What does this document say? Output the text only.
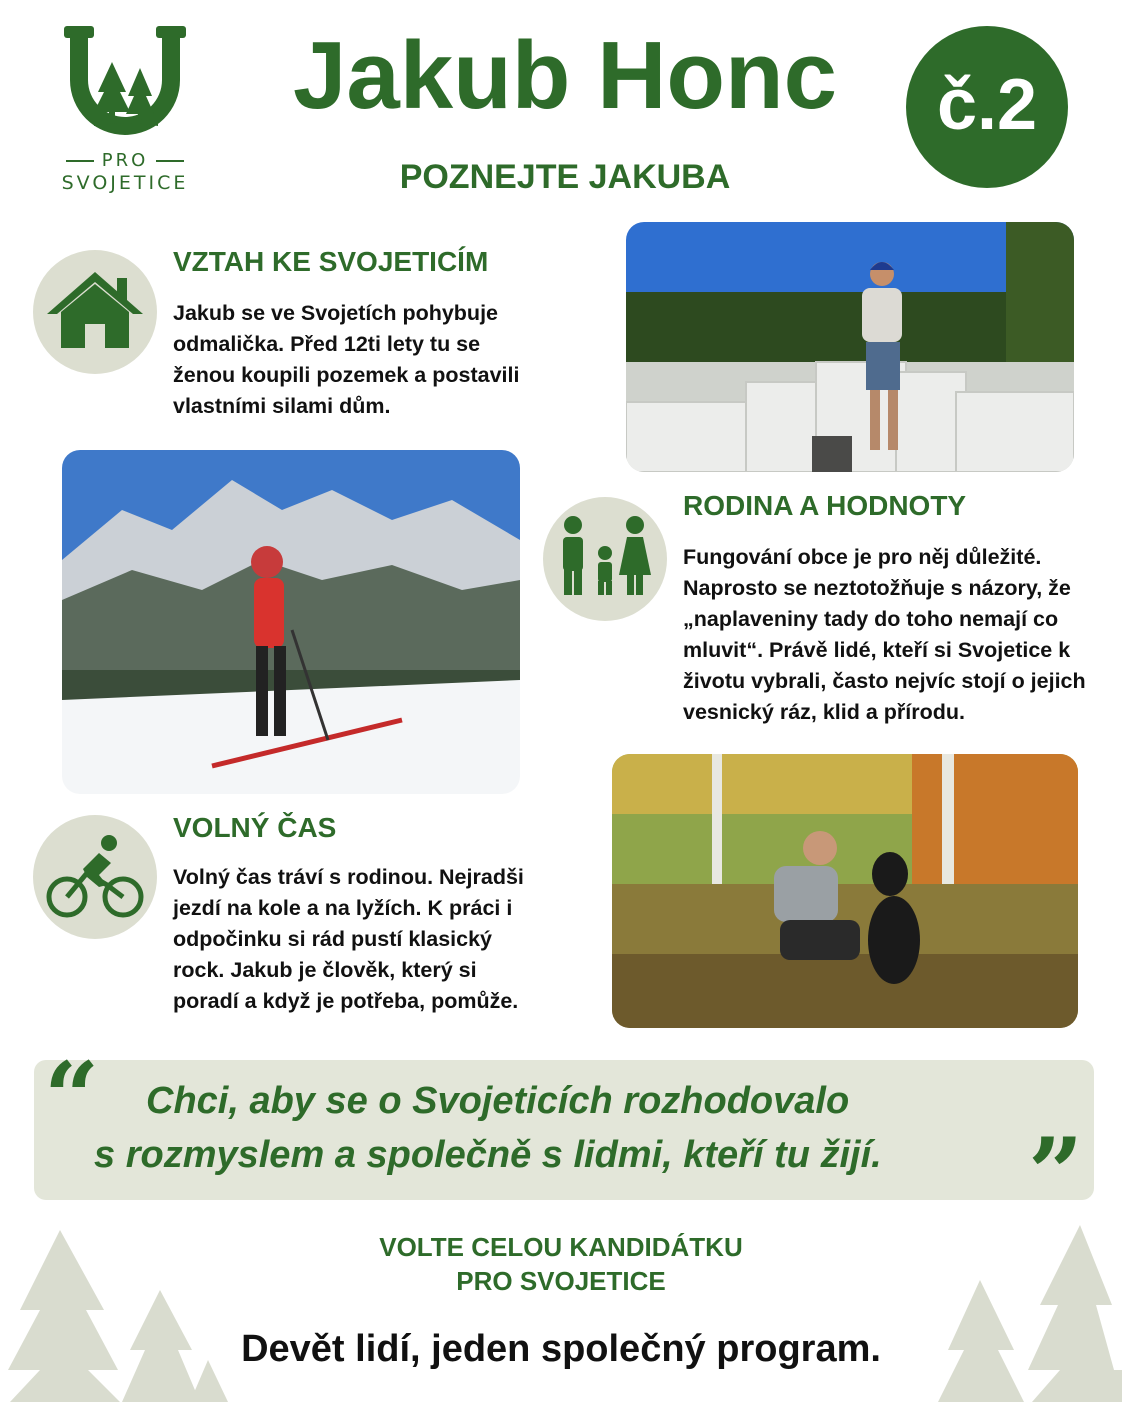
PRO
SVOJETICE
Jakub Honc
POZNEJTE JAKUBA
č.2
VZTAH KE SVOJETICÍM
Jakub se ve Svojetích pohybuje
odmalička. Před 12ti lety tu se
ženou koupili pozemek a postavili
vlastními silami dům.
RODINA A HODNOTY
Fungování obce je pro něj důležité.
Naprosto se neztotožňuje s názory, že
„naplaveniny tady do toho nemají co
mluvit“. Právě lidé, kteří si Svojetice k
životu vybrali, často nejvíc stojí o jejich
vesnický ráz, klid a přírodu.
VOLNÝ ČAS
Volný čas tráví s rodinou. Nejradši
jezdí na kole a na lyžích. K práci i
odpočinku si rád pustí klasický
rock. Jakub je člověk, který si
poradí a když je potřeba, pomůže.
“
”
Chci, aby se o Svojeticích rozhodovalo
s rozmyslem a společně s lidmi, kteří tu žijí.
VOLTE CELOU KANDIDÁTKU
PRO SVOJETICE
Devět lidí, jeden společný program.
